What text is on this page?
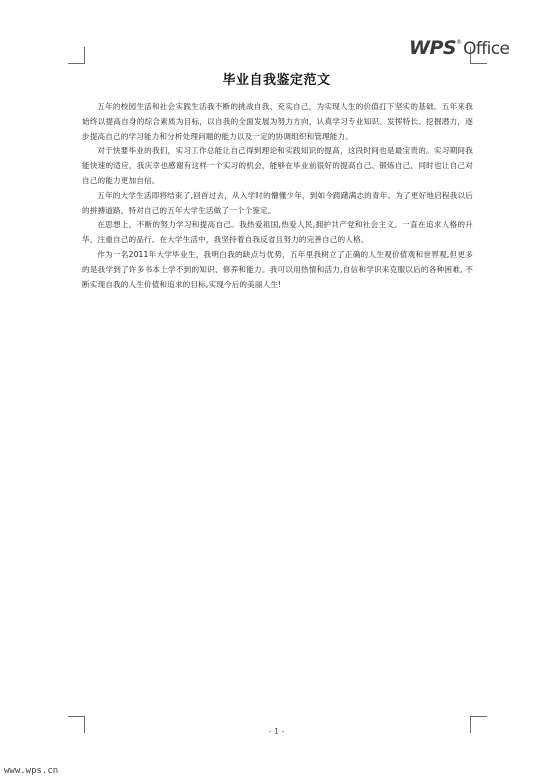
WPS®Office
毕业自我鉴定范文

五年的校园生活和社会实践生活我不断的挑战自我、充实自己，为实现人生的价值打下坚实的基础。五年来我始终以提高自身的综合素质为目标，以自我的全面发展为努力方向，认真学习专业知识、发挥特长、挖掘潜力，逐步提高自己的学习能力和分析处理问题的能力以及一定的协调组织和管理能力。

对于快要毕业的我们，实习工作总能让自己得到理论和实践知识的提高，这段时间也是最宝贵的。实习期间我能快速的适应，我庆幸也感谢有这样一个实习的机会，能够在毕业前很好的提高自己、锻炼自己，同时也让自己对自己的能力更加自信。

五年的大学生活即将结束了,回首过去，从入学时的懵懂少年，到如今踌躇满志的青年。为了更好地启程我以后的拼搏道路，特对自己的五年大学生活做了一个个鉴定。

在思想上，不断的努力学习和提高自己。我热爱祖国,热爱人民,拥护共产党和社会主义。一直在追求人格的升华，注重自己的品行。在大学生活中，我坚持着自我反省且努力的完善自己的人格。

作为一名2011年大学毕业生，我明白我的缺点与优势，五年里我树立了正确的人生观价值观和世界观,但更多的是我学到了许多书本上学不到的知识、修养和能力。我可以用热情和活力,自信和学识来克服以后的各种困难, 不断实现自我的人生价值和追求的目标,实现今后的美丽人生!

- 1 -
www.wps.cn
